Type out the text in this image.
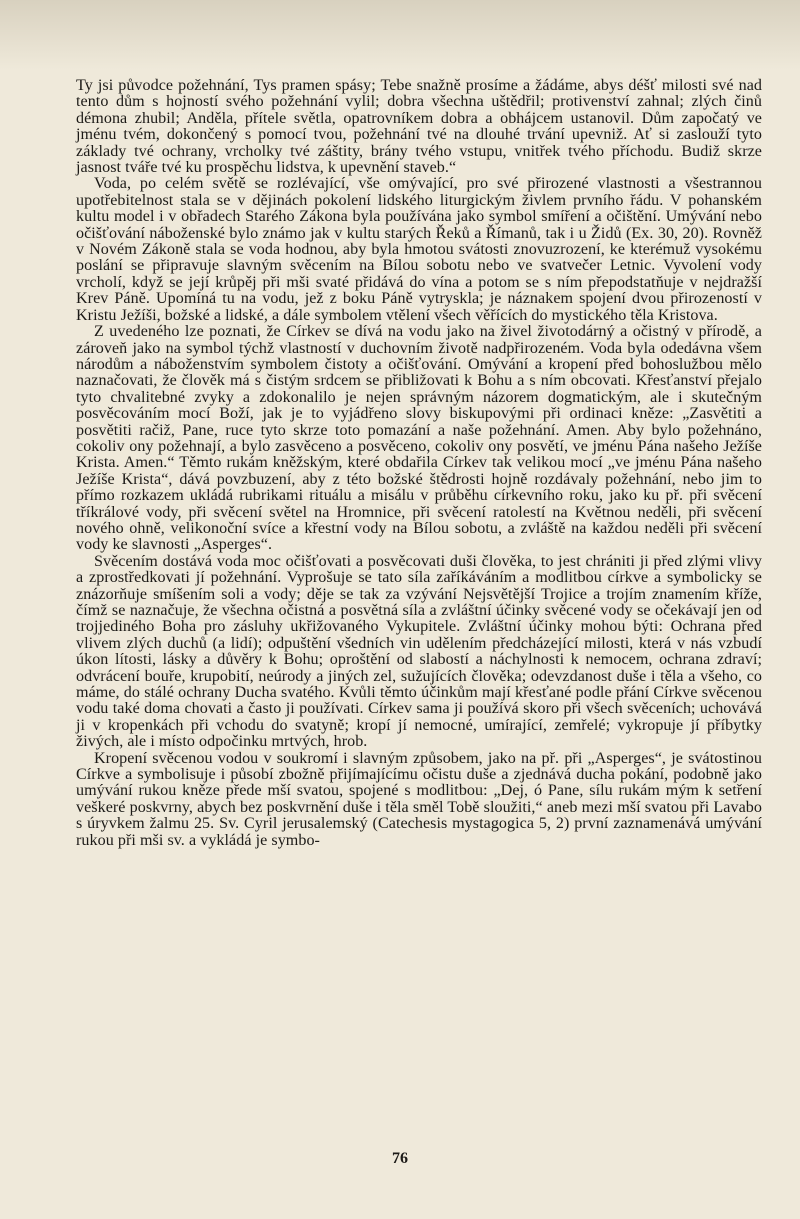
Ty jsi původce požehnání, Tys pramen spásy; Tebe snažně prosíme a žádáme, abys déšť milosti své nad tento dům s hojností svého požehnání vylil; dobra všechna uštědřil; protivenství zahnal; zlých činů démona zhubil; Anděla, přítele světla, opatrovníkem dobra a obhájcem ustanovil. Dům započatý ve jménu tvém, dokončený s pomocí tvou, požehnání tvé na dlouhé trvání upevniž. Ať si zaslouží tyto základy tvé ochrany, vrcholky tvé záštity, brány tvého vstupu, vnitřek tvého příchodu. Budiž skrze jasnost tváře tvé ku prospěchu lidstva, k upevnění staveb.“

Voda, po celém světě se rozlévající, vše omývající, pro své přirozené vlastnosti a všestrannou upotřebitelnost stala se v dějinách pokolení lidského liturgickým živlem prvního řádu. V pohanském kultu model i v obřadech Starého Zákona byla používána jako symbol smíření a očištění. Umývání nebo očišťování náboženské bylo známo jak v kultu starých Řeků a Římanů, tak i u Židů (Ex. 30, 20). Rovněž v Novém Zákoně stala se voda hodnou, aby byla hmotou svátosti znovuzrození, ke kterémuž vysokému poslání se připravuje slavným svěcením na Bílou sobotu nebo ve svatvečer Letnic. Vyvolení vody vrcholí, když se její krůpěj při mši svaté přidává do vína a potom se s ním přepodstatňuje v nejdražší Krev Páně. Upomíná tu na vodu, jež z boku Páně vytryskla; je náznakem spojení dvou přirozeností v Kristu Ježíši, božské a lidské, a dále symbolem vtělení všech věřících do mystického těla Kristova.

Z uvedeného lze poznati, že Církev se dívá na vodu jako na živel životodárný a očistný v přírodě, a zároveň jako na symbol týchž vlastností v duchovním životě nadpřirozeném. Voda byla odedávna všem národům a náboženstvím symbolem čistoty a očišťování. Omývání a kropení před bohoslužbou mělo naznačovati, že člověk má s čistým srdcem se přibližovati k Bohu a s ním obcovati. Křesťanství přejalo tyto chvalitebné zvyky a zdokonalilo je nejen správným názorem dogmatickým, ale i skutečným posvěcováním mocí Boží, jak je to vyjádřeno slovy biskupovými při ordinaci kněze: „Zasvětiti a posvětiti račiž, Pane, ruce tyto skrze toto pomazání a naše požehnání. Amen. Aby bylo požehnáno, cokoliv ony požehnají, a bylo zasvěceno a posvěceno, cokoliv ony posvětí, ve jménu Pána našeho Ježíše Krista. Amen.“ Těmto rukám kněžským, které obdařila Církev tak velikou mocí „ve jménu Pána našeho Ježíše Krista“, dává povzbuzení, aby z této božské štědrosti hojně rozdávaly požehnání, nebo jim to přímo rozkazem ukládá rubrikami rituálu a misálu v průběhu církevního roku, jako ku př. při svěcení tříkrálové vody, při svěcení světel na Hromnice, při svěcení ratolestí na Květnou neděli, při svěcení nového ohně, velikonoční svíce a křestní vody na Bílou sobotu, a zvláště na každou neděli při svěcení vody ke slavnosti „Asperges“.

Svěcením dostává voda moc očišťovati a posvěcovati duši člověka, to jest chrániti ji před zlými vlivy a zprostředkovati jí požehnání. Vyprošuje se tato síla zaříkáváním a modlitbou církve a symbolicky se znázorňuje smíšením soli a vody; děje se tak za vzývání Nejsvětější Trojice a trojím znamením kříže, čímž se naznačuje, že všechna očistná a posvětná síla a zvláštní účinky svěcené vody se očekávají jen od trojjediného Boha pro zásluhy ukřižovaného Vykupitele. Zvláštní účinky mohou býti: Ochrana před vlivem zlých duchů (a lidí); odpuštění všedních vin udělením předcházející milosti, která v nás vzbudí úkon lítosti, lásky a důvěry k Bohu; oproštění od slabostí a náchylnosti k nemocem, ochrana zdraví; odvrácení bouře, krupobití, neúrody a jiných zel, sužujících člověka; odevzdanost duše i těla a všeho, co máme, do stálé ochrany Ducha svatého. Kvůli těmto účinkům mají křesťané podle přání Církve svěcenou vodu také doma chovati a často ji používati. Církev sama ji používá skoro při všech svěceních; uchovává ji v kropenkách při vchodu do svatyně; kropí jí nemocné, umírající, zemřelé; vykropuje jí příbytky živých, ale i místo odpočinku mrtvých, hrob.

Kropení svěcenou vodou v soukromí i slavným způsobem, jako na př. při „Asperges“, je svátostinou Církve a symbolisuje i působí zbožně přijímajícímu očistu duše a zjednává ducha pokání, podobně jako umývání rukou kněze přede mší svatou, spojené s modlitbou: „Dej, ó Pane, sílu rukám mým k setření veškeré poskvrny, abych bez poskvrnění duše i těla směl Tobě sloužiti,“ aneb mezi mší svatou při Lavabo s úryvkem žalmu 25. Sv. Cyril jerusalemský (Catechesis mystagogica 5, 2) první zaznamenává umývání rukou při mši sv. a vykládá je symbo-

76
